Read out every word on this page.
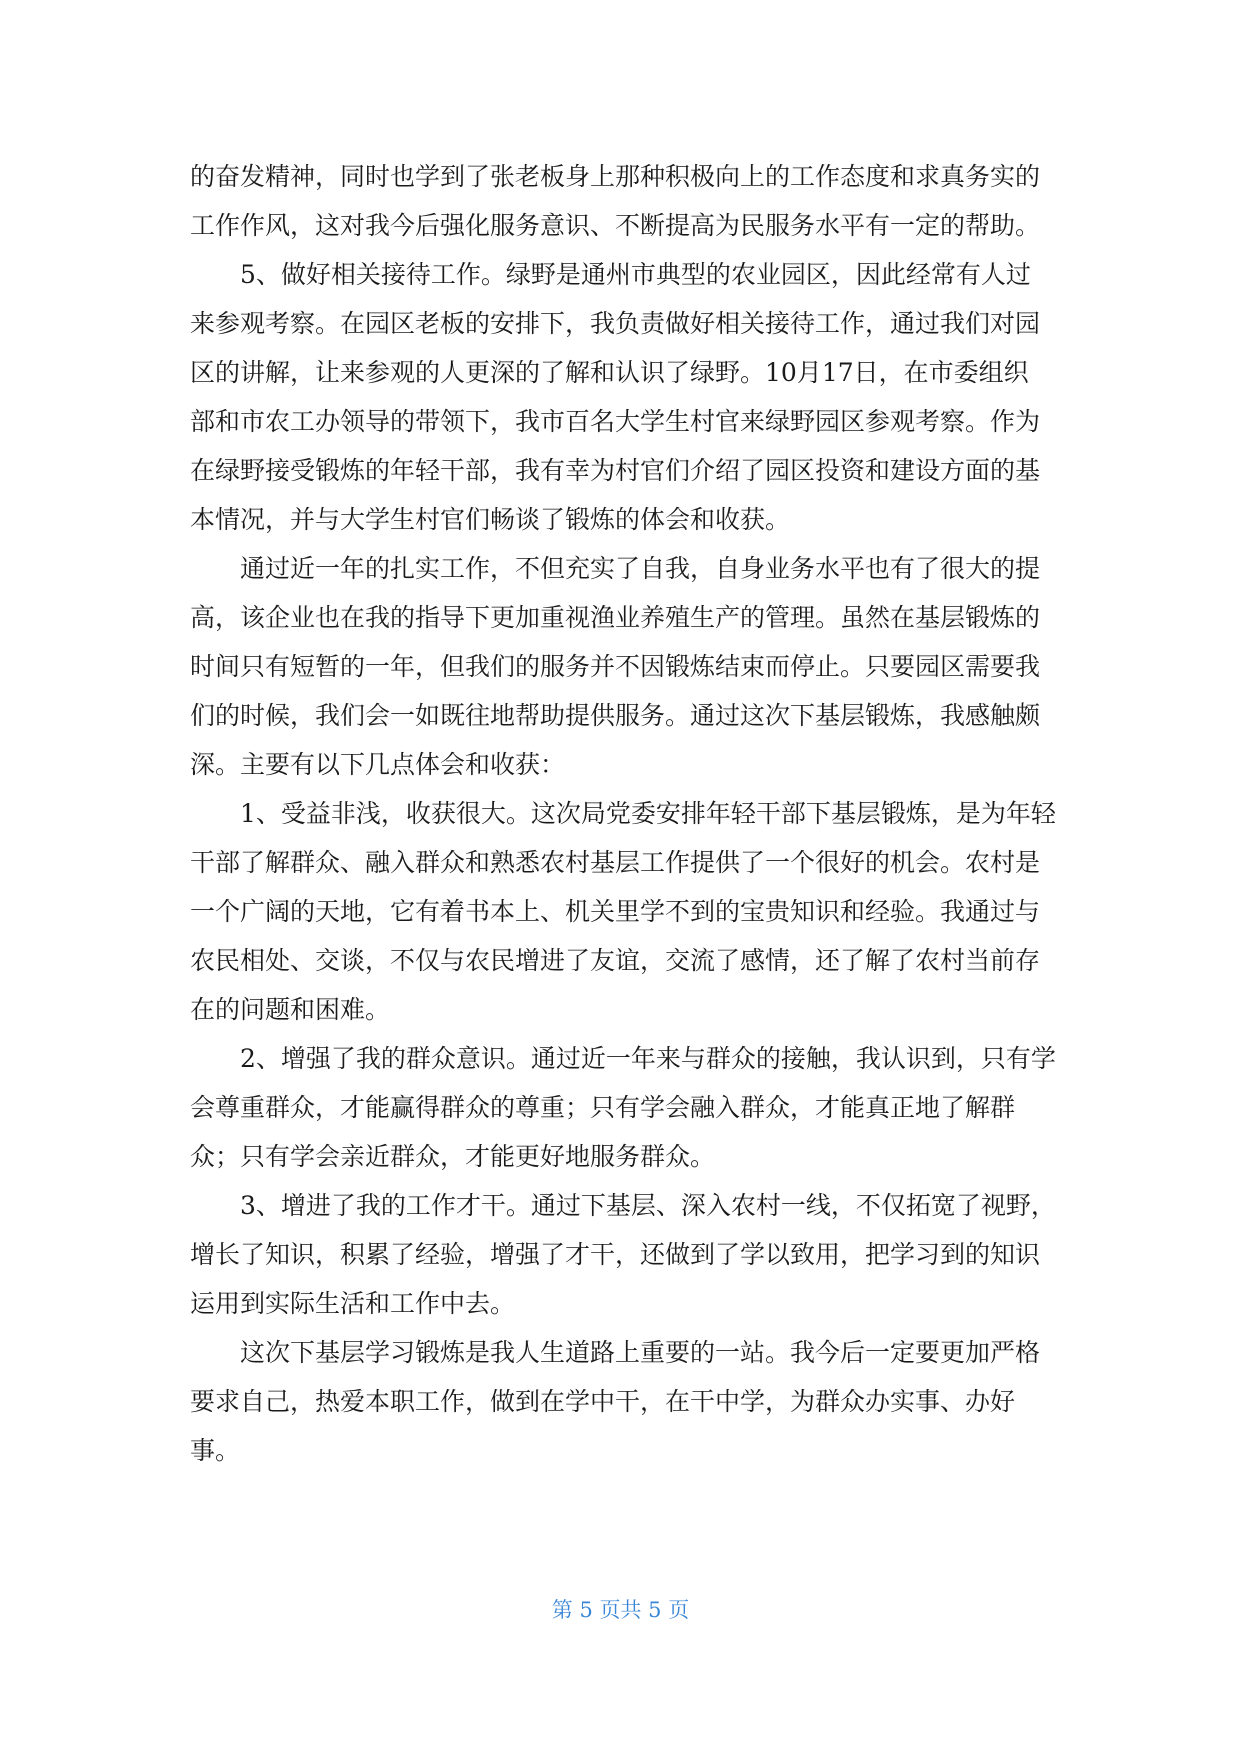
的奋发精神，同时也学到了张老板身上那种积极向上的工作态度和求真务实的
工作作风，这对我今后强化服务意识、不断提高为民服务水平有一定的帮助。
5、做好相关接待工作。绿野是通州市典型的农业园区，因此经常有人过
来参观考察。在园区老板的安排下，我负责做好相关接待工作，通过我们对园
区的讲解，让来参观的人更深的了解和认识了绿野。10月17日，在市委组织
部和市农工办领导的带领下，我市百名大学生村官来绿野园区参观考察。作为
在绿野接受锻炼的年轻干部，我有幸为村官们介绍了园区投资和建设方面的基
本情况，并与大学生村官们畅谈了锻炼的体会和收获。
通过近一年的扎实工作，不但充实了自我，自身业务水平也有了很大的提
高，该企业也在我的指导下更加重视渔业养殖生产的管理。虽然在基层锻炼的
时间只有短暂的一年，但我们的服务并不因锻炼结束而停止。只要园区需要我
们的时候，我们会一如既往地帮助提供服务。通过这次下基层锻炼，我感触颇
深。主要有以下几点体会和收获：
1、受益非浅，收获很大。这次局党委安排年轻干部下基层锻炼，是为年轻
干部了解群众、融入群众和熟悉农村基层工作提供了一个很好的机会。农村是
一个广阔的天地，它有着书本上、机关里学不到的宝贵知识和经验。我通过与
农民相处、交谈，不仅与农民增进了友谊，交流了感情，还了解了农村当前存
在的问题和困难。
2、增强了我的群众意识。通过近一年来与群众的接触，我认识到，只有学
会尊重群众，才能赢得群众的尊重；只有学会融入群众，才能真正地了解群
众；只有学会亲近群众，才能更好地服务群众。
3、增进了我的工作才干。通过下基层、深入农村一线，不仅拓宽了视野，
增长了知识，积累了经验，增强了才干，还做到了学以致用，把学习到的知识
运用到实际生活和工作中去。
这次下基层学习锻炼是我人生道路上重要的一站。我今后一定要更加严格
要求自己，热爱本职工作，做到在学中干，在干中学，为群众办实事、办好
事。
第 5 页共 5 页
